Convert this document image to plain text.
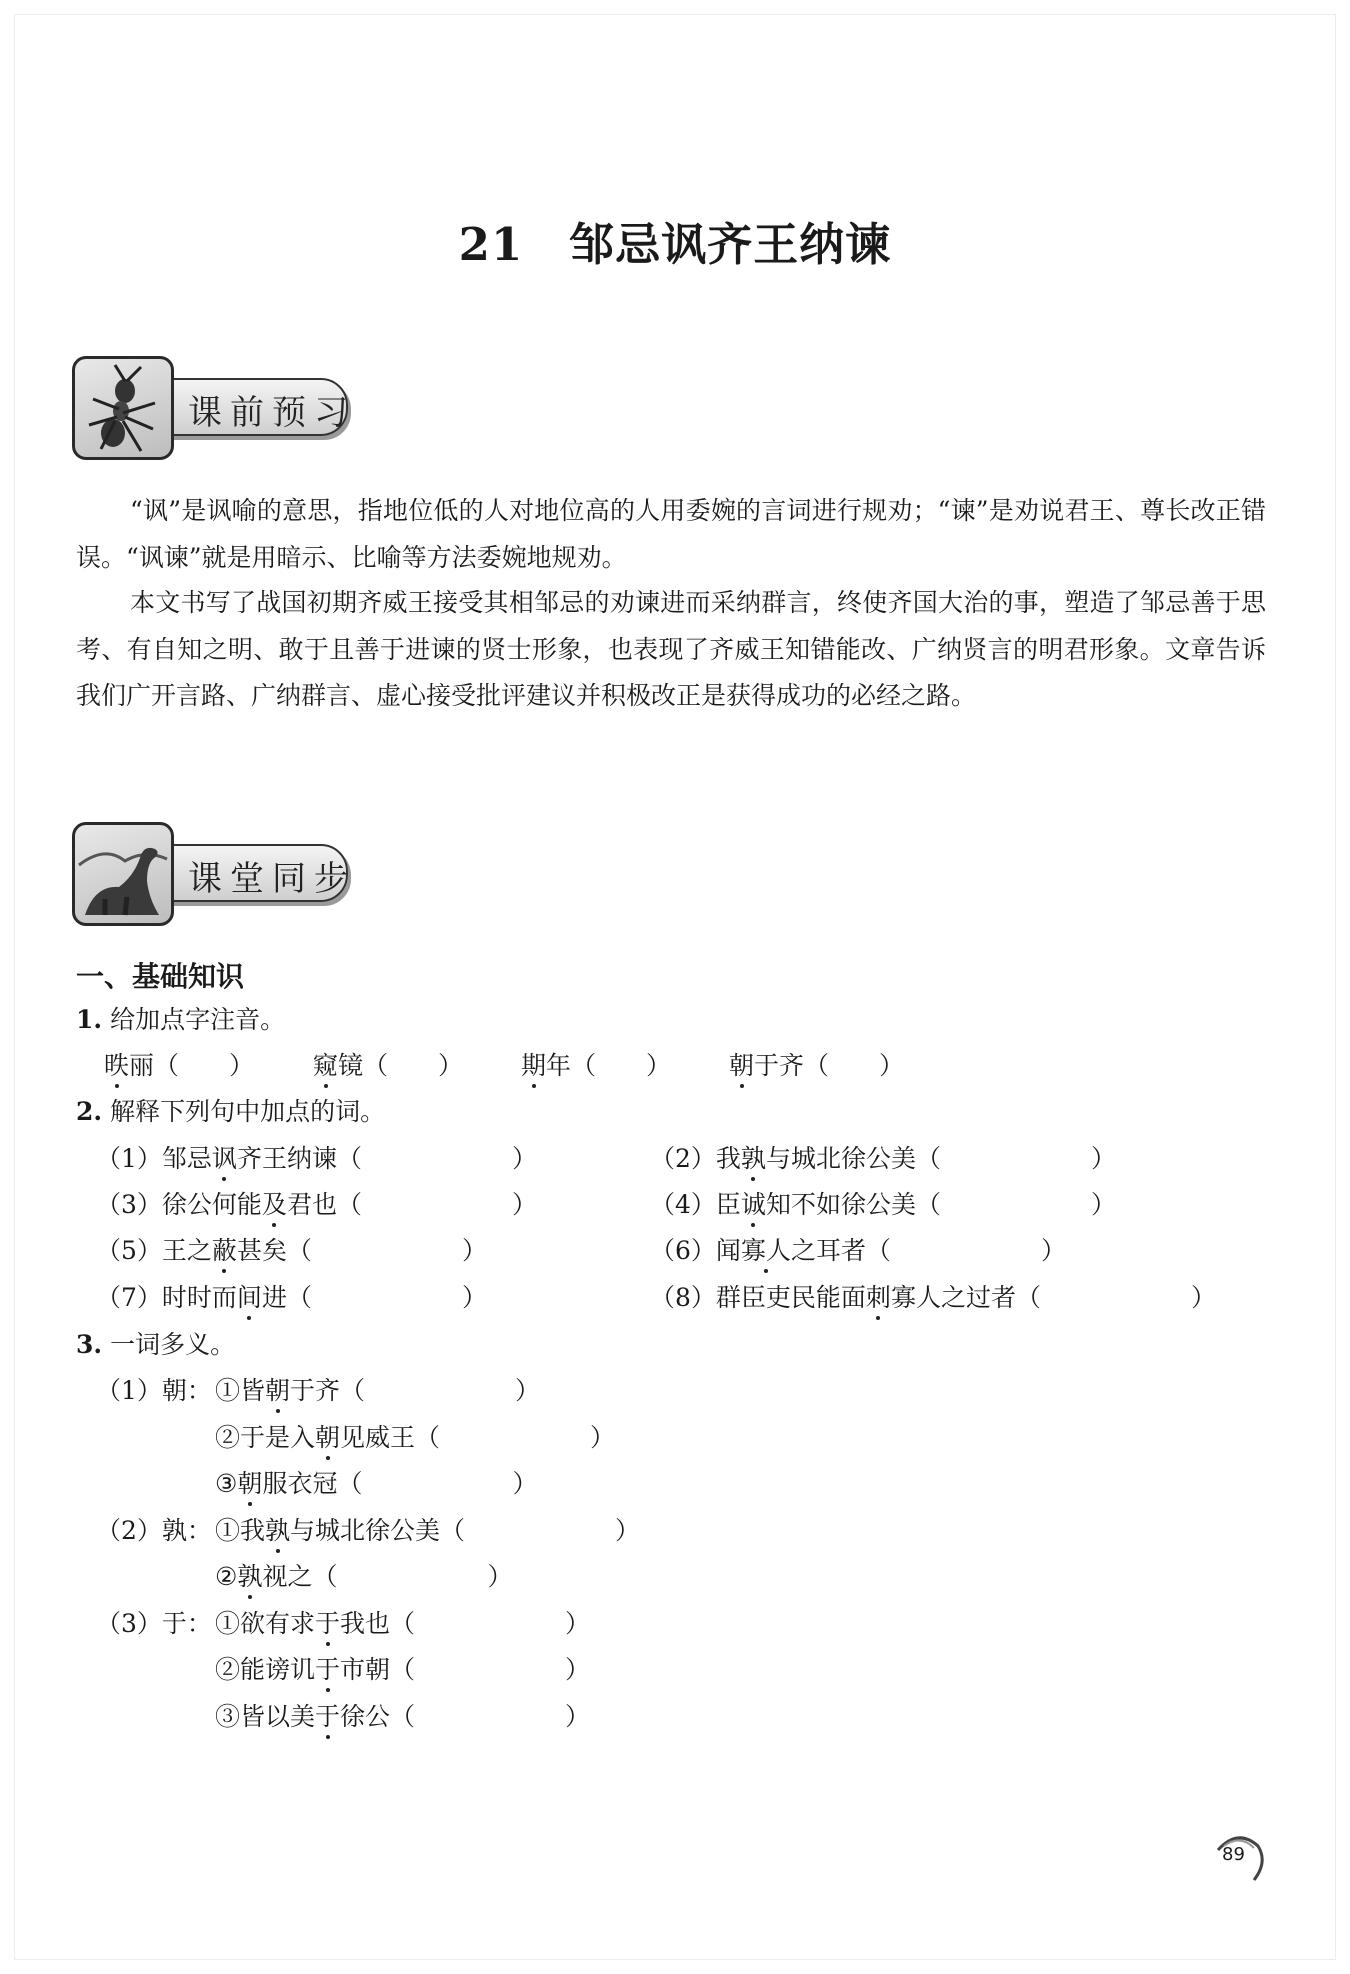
21 邹忌讽齐王纳谏
课前预习
“讽”是讽喻的意思，指地位低的人对地位高的人用委婉的言词进行规劝；“谏”是劝说君王、尊长改正错误。“讽谏”就是用暗示、比喻等方法委婉地规劝。
本文书写了战国初期齐威王接受其相邹忌的劝谏进而采纳群言，终使齐国大治的事，塑造了邹忌善于思考、有自知之明、敢于且善于进谏的贤士形象，也表现了齐威王知错能改、广纳贤言的明君形象。文章告诉我们广开言路、广纳群言、虚心接受批评建议并积极改正是获得成功的必经之路。
课堂同步
一、基础知识
1. 给加点字注音。
昳丽（　　） 窥镜（　　） 期年（　　） 朝于齐（　　）
2. 解释下列句中加点的词。
（1）邹忌讽齐王纳谏（　　　　　　）	（2）我孰与城北徐公美（　　　　　　）
（3）徐公何能及君也（　　　　　　）	（4）臣诚知不如徐公美（　　　　　　）
（5）王之蔽甚矣（　　　　　　）	（6）闻寡人之耳者（　　　　　　）
（7）时时而间进（　　　　　　）	（8）群臣吏民能面刺寡人之过者（　　　　　　）
3. 一词多义。
（1）朝： ①皆朝于齐（　　　　　　）
②于是入朝见威王（　　　　　　）
③朝服衣冠（　　　　　　）
（2）孰： ①我孰与城北徐公美（　　　　　　）
②孰视之（　　　　　　）
（3）于： ①欲有求于我也（　　　　　　）
②能谤讥于市朝（　　　　　　）
③皆以美于徐公（　　　　　　）
89
